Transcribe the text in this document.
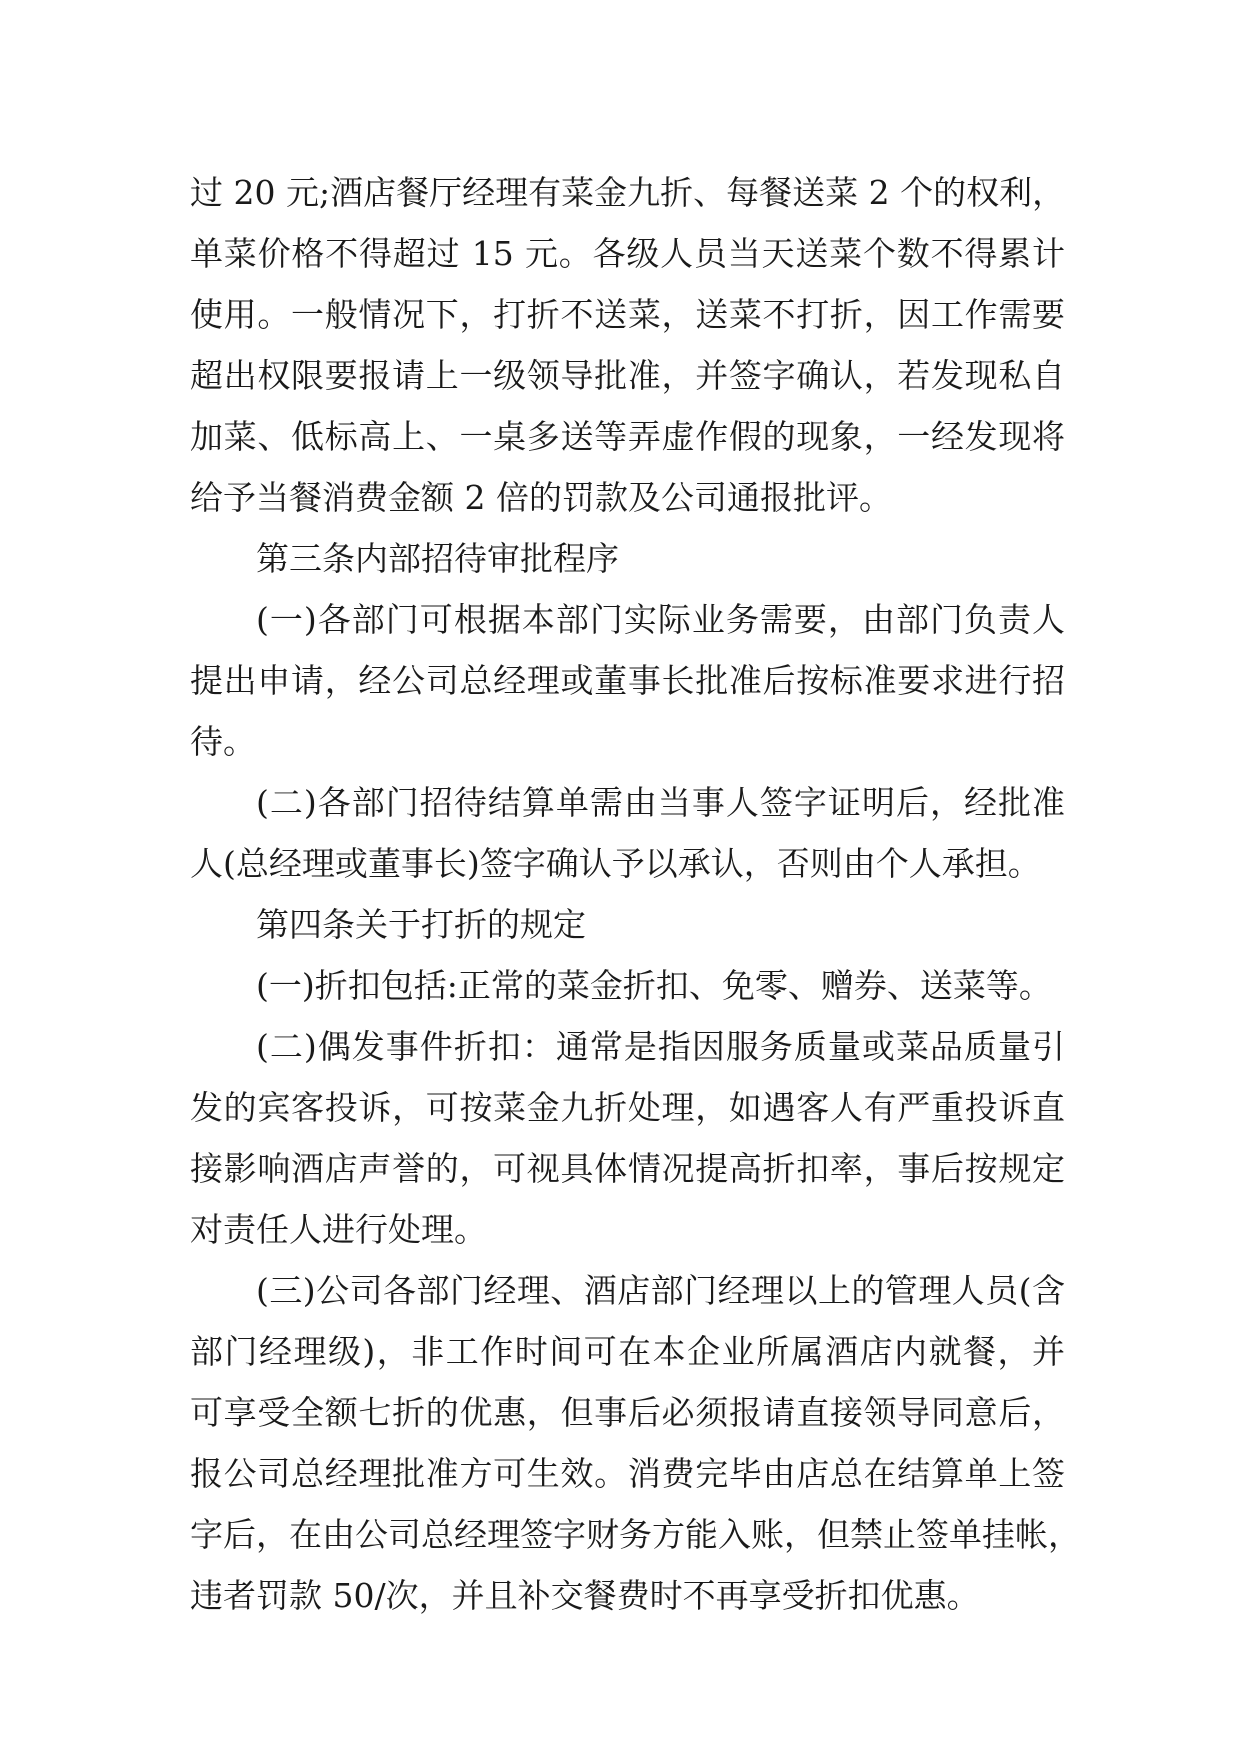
过 20 元;酒店餐厅经理有菜金九折、每餐送菜 2 个的权利，
单菜价格不得超过 15 元。各级人员当天送菜个数不得累计
使用。一般情况下，打折不送菜，送菜不打折，因工作需要
超出权限要报请上一级领导批准，并签字确认，若发现私自
加菜、低标高上、一桌多送等弄虚作假的现象，一经发现将
给予当餐消费金额 2 倍的罚款及公司通报批评。
第三条内部招待审批程序
(一)各部门可根据本部门实际业务需要，由部门负责人
提出申请，经公司总经理或董事长批准后按标准要求进行招
待。
(二)各部门招待结算单需由当事人签字证明后，经批准
人(总经理或董事长)签字确认予以承认，否则由个人承担。
第四条关于打折的规定
(一)折扣包括:正常的菜金折扣、免零、赠券、送菜等。
(二)偶发事件折扣：通常是指因服务质量或菜品质量引
发的宾客投诉，可按菜金九折处理，如遇客人有严重投诉直
接影响酒店声誉的，可视具体情况提高折扣率，事后按规定
对责任人进行处理。
(三)公司各部门经理、酒店部门经理以上的管理人员(含
部门经理级)，非工作时间可在本企业所属酒店内就餐，并
可享受全额七折的优惠，但事后必须报请直接领导同意后，
报公司总经理批准方可生效。消费完毕由店总在结算单上签
字后，在由公司总经理签字财务方能入账，但禁止签单挂帐，
违者罚款 50/次，并且补交餐费时不再享受折扣优惠。
